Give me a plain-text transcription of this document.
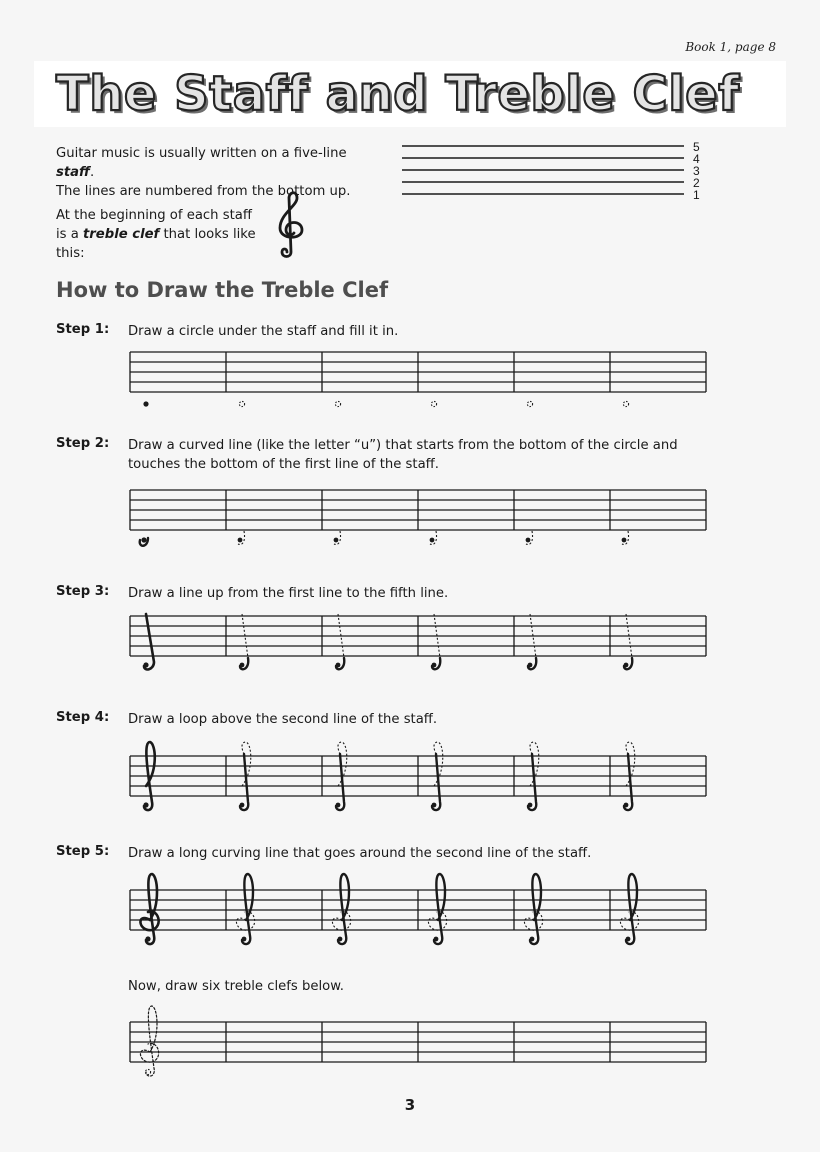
Book 1, page 8
The Staff and Treble Clef
Guitar music is usually written on a five-line staff.
The lines are numbered from the bottom up.
At the beginning of each staff
is a treble clef that looks like this:
5
4
3
2
1
How to Draw the Treble Clef
Step 1: Draw a circle under the staff and fill it in.
Step 2: Draw a curved line (like the letter “u”) that starts from the bottom of the circle and touches the bottom of the first line of the staff.
Step 3: Draw a line up from the first line to the fifth line.
Step 4: Draw a loop above the second line of the staff.
Step 5: Draw a long curving line that goes around the second line of the staff.
Now, draw six treble clefs below.
3
